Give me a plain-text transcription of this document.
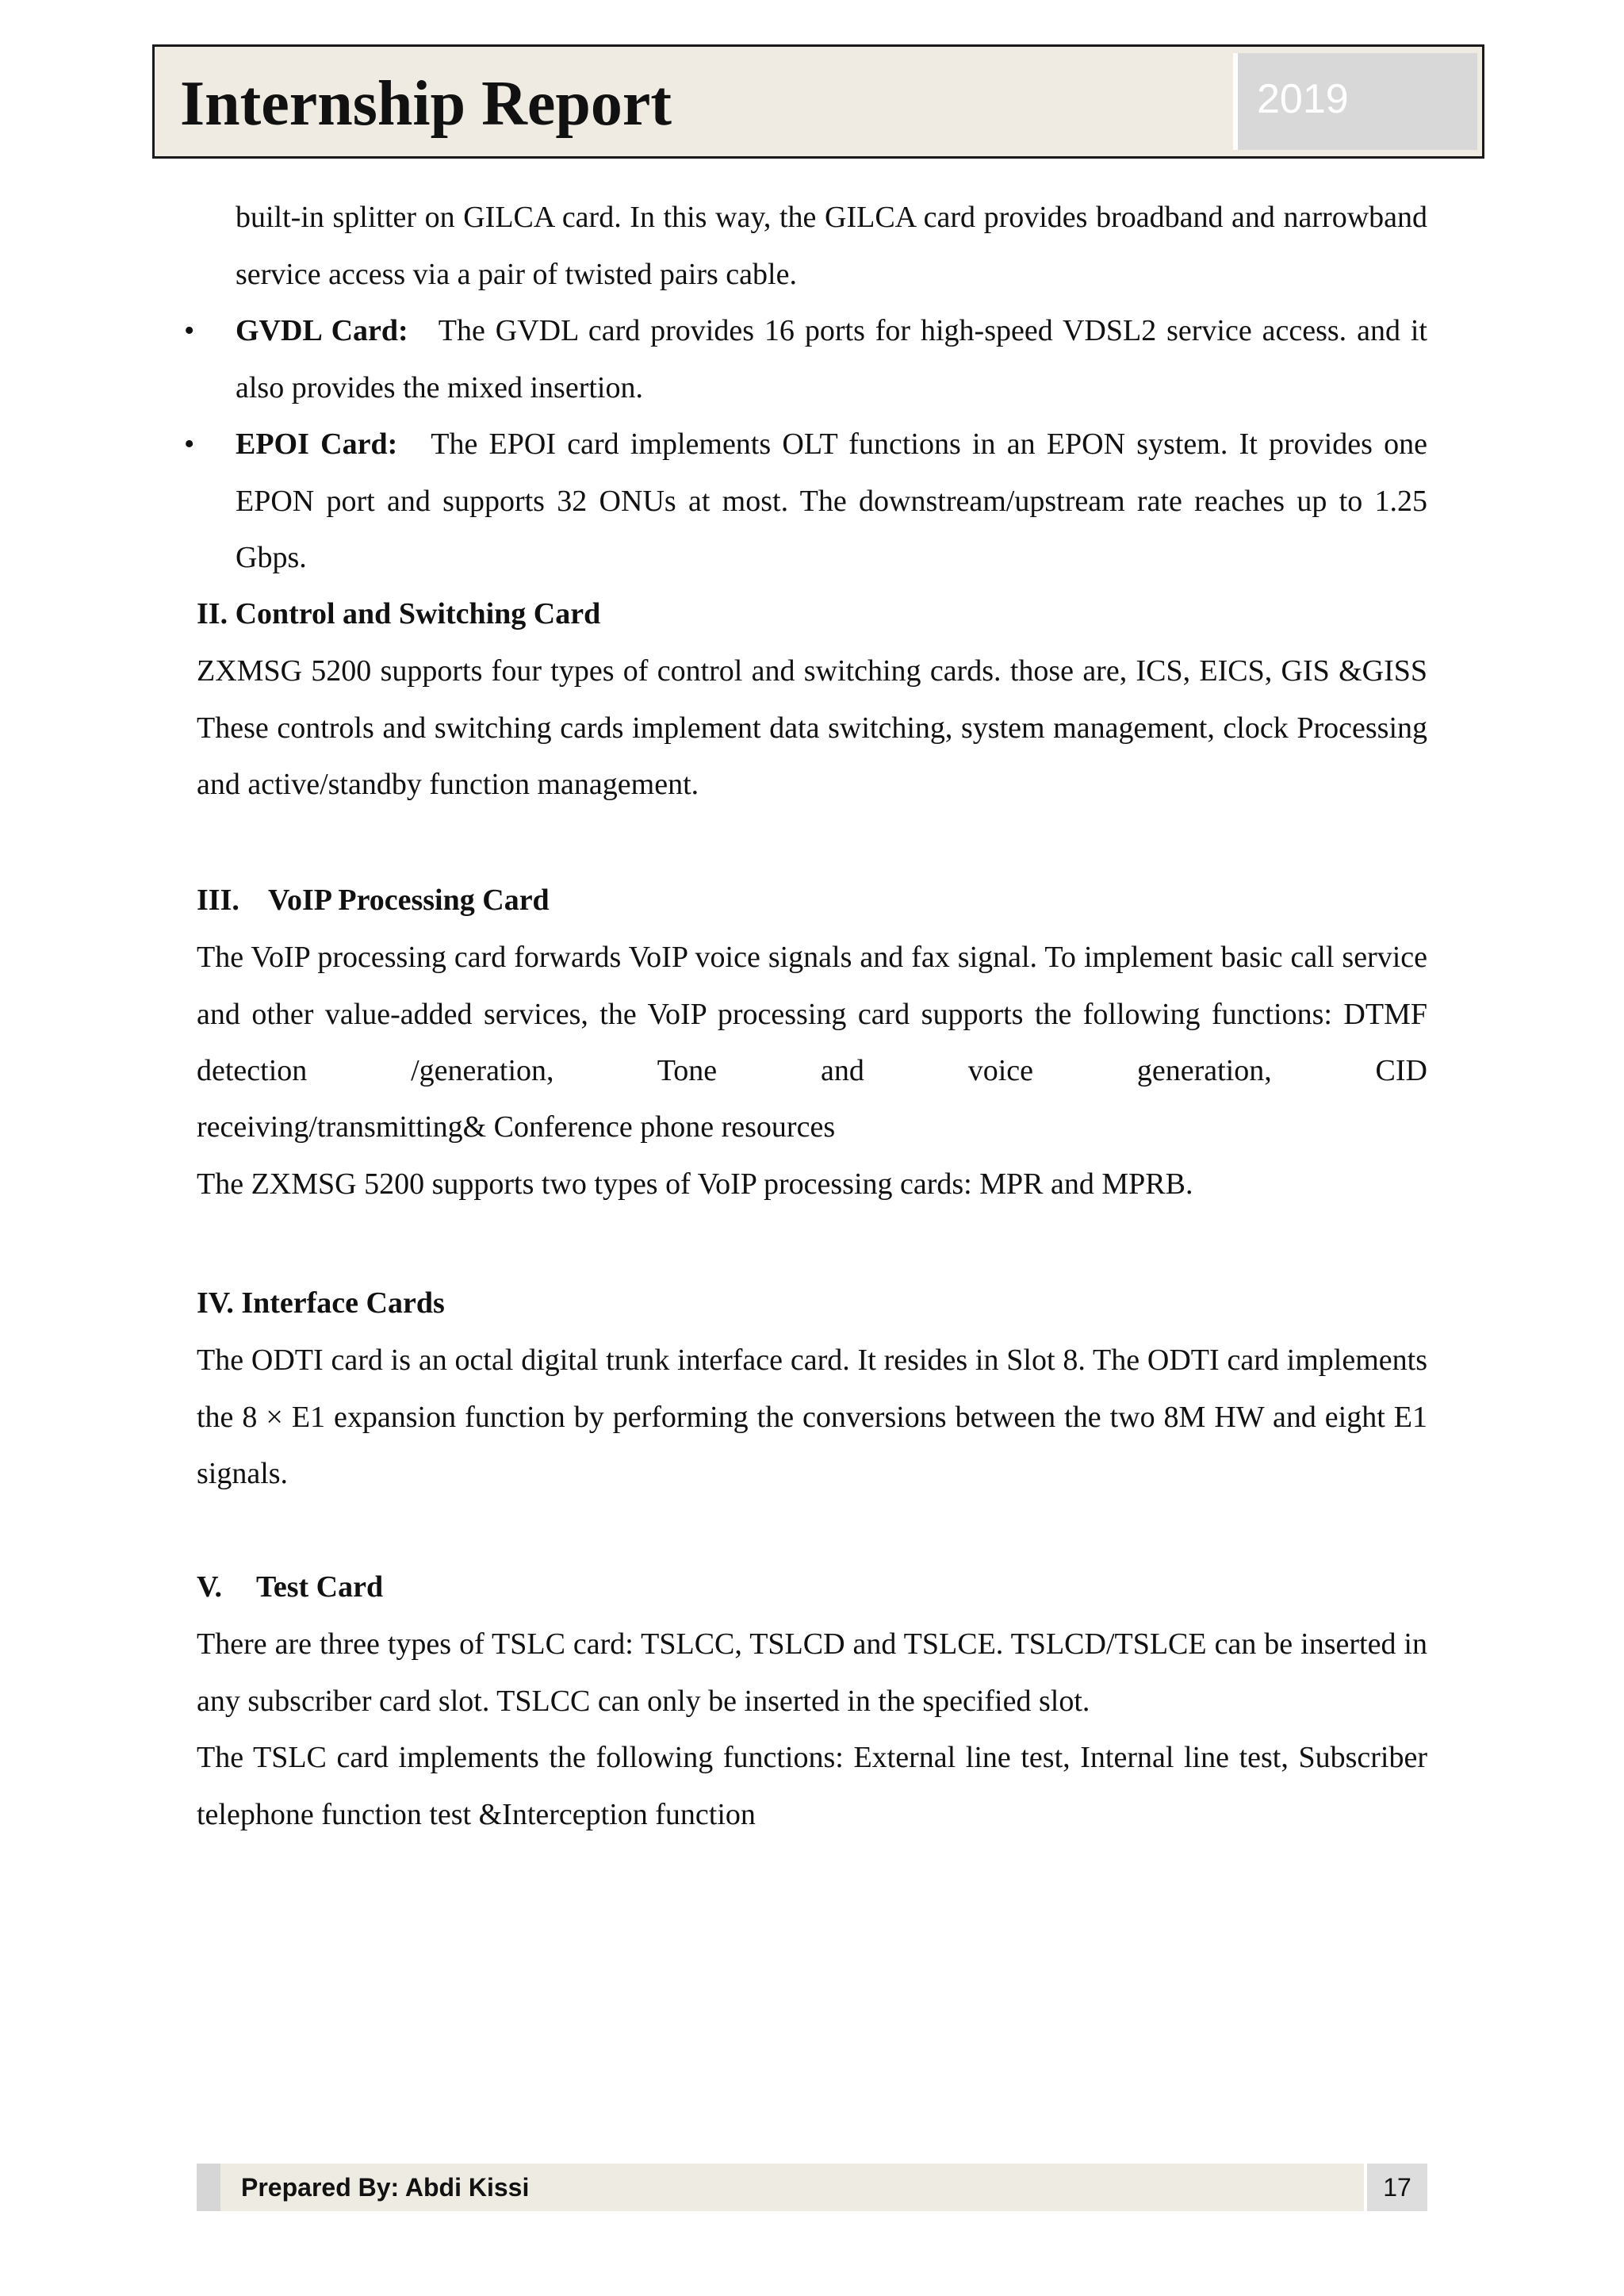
Internship Report	2019

built-in splitter on GILCA card. In this way, the GILCA card provides broadband and narrowband service access via a pair of twisted pairs cable.

• GVDL Card: The GVDL card provides 16 ports for high-speed VDSL2 service access. and it also provides the mixed insertion.

• EPOI Card: The EPOI card implements OLT functions in an EPON system. It provides one EPON port and supports 32 ONUs at most. The downstream/upstream rate reaches up to 1.25 Gbps.

II. Control and Switching Card

ZXMSG 5200 supports four types of control and switching cards. those are, ICS, EICS, GIS &GISS These controls and switching cards implement data switching, system management, clock Processing and active/standby function management.

III. VoIP Processing Card

The VoIP processing card forwards VoIP voice signals and fax signal. To implement basic call service and other value-added services, the VoIP processing card supports the following functions: DTMF detection /generation, Tone and voice generation, CID

receiving/transmitting& Conference phone resources

The ZXMSG 5200 supports two types of VoIP processing cards: MPR and MPRB.

IV. Interface Cards

The ODTI card is an octal digital trunk interface card. It resides in Slot 8. The ODTI card implements the 8 × E1 expansion function by performing the conversions between the two 8M HW and eight E1 signals.

V. Test Card

There are three types of TSLC card: TSLCC, TSLCD and TSLCE. TSLCD/TSLCE can be inserted in any subscriber card slot. TSLCC can only be inserted in the specified slot.

The TSLC card implements the following functions: External line test, Internal line test, Subscriber telephone function test &Interception function

Prepared By: Abdi Kissi	17
